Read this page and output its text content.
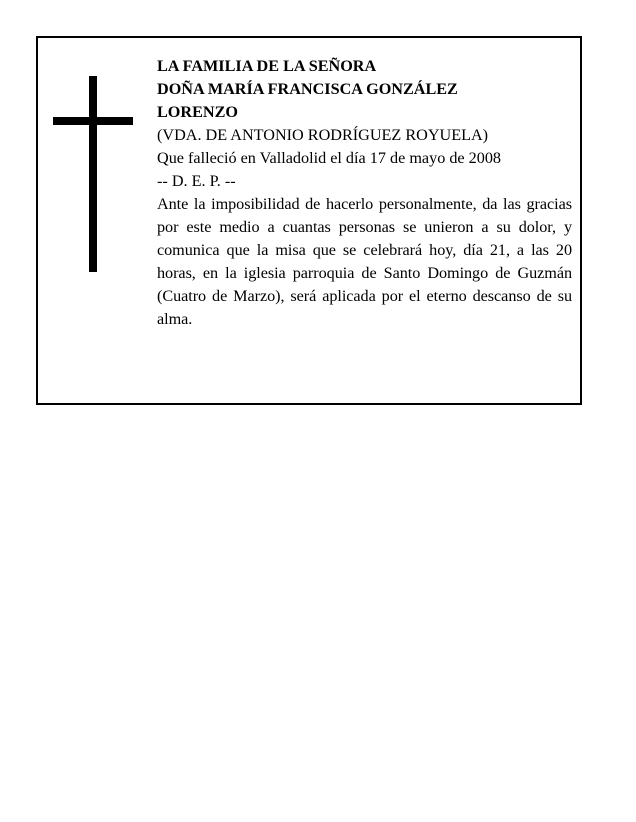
LA FAMILIA DE LA SEÑORA

DOÑA MARÍA FRANCISCA GONZÁLEZ

LORENZO

(VDA. DE ANTONIO RODRÍGUEZ ROYUELA)

Que falleció en Valladolid el día 17 de mayo de 2008

-- D. E. P. --

Ante la imposibilidad de hacerlo personalmente, da las gracias por este medio a cuantas personas se unieron a su dolor, y comunica que la misa que se celebrará hoy, día 21, a las 20 horas, en la iglesia parroquia de Santo Domingo de Guzmán (Cuatro de Marzo), será aplicada por el eterno descanso de su alma.
